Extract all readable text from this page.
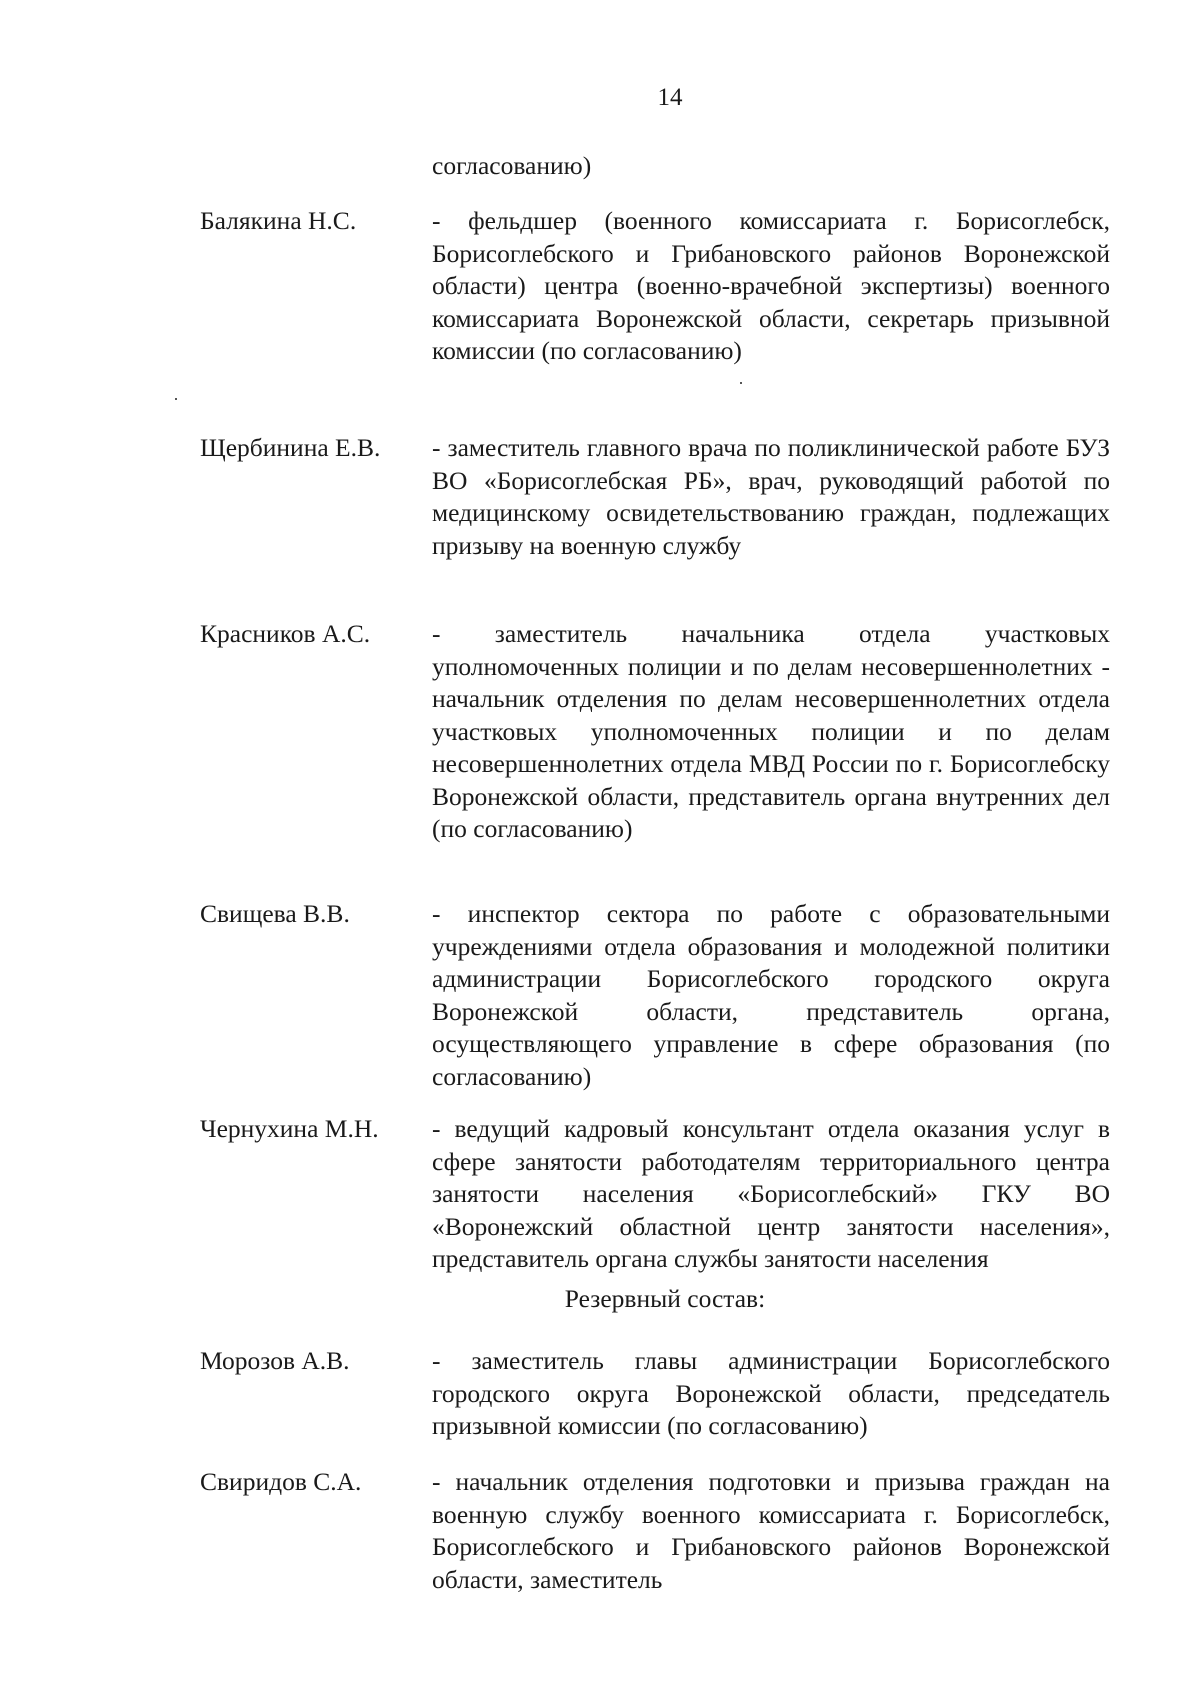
14
согласованию)
Балякина Н.С.	- фельдшер (военного комиссариата г. Борисоглебск, Борисоглебского и Грибановского районов Воронежской области) центра (военно-врачебной экспертизы) военного комиссариата Воронежской области, секретарь призывной комиссии (по согласованию)
Щербинина Е.В. - заместитель главного врача по поликлинической работе БУЗ ВО «Борисоглебская РБ», врач, руководящий работой по медицинскому освидетельствованию граждан, подлежащих призыву на военную службу
Красников А.С. - заместитель начальника отдела участковых уполномоченных полиции и по делам несовершеннолетних - начальник отделения по делам несовершеннолетних отдела участковых уполномоченных полиции и по делам несовершеннолетних отдела МВД России по г. Борисоглебску Воронежской области, представитель органа внутренних дел (по согласованию)
Свищева В.В.	- инспектор сектора по работе с образовательными учреждениями отдела образования и молодежной политики администрации Борисоглебского городского округа Воронежской области, представитель органа, осуществляющего управление в сфере образования (по согласованию)
Чернухина М.Н. - ведущий кадровый консультант отдела оказания услуг в сфере занятости работодателям территориального центра занятости населения «Борисоглебский» ГКУ ВО «Воронежский областной центр занятости населения», представитель органа службы занятости населения
Резервный состав:
Морозов А.В.	- заместитель главы администрации Борисоглебского городского округа Воронежской области, председатель призывной комиссии (по согласованию)
Свиридов С.А.	- начальник отделения подготовки и призыва граждан на военную службу военного комиссариата г. Борисоглебск, Борисоглебского и Грибановского районов Воронежской области, заместитель
